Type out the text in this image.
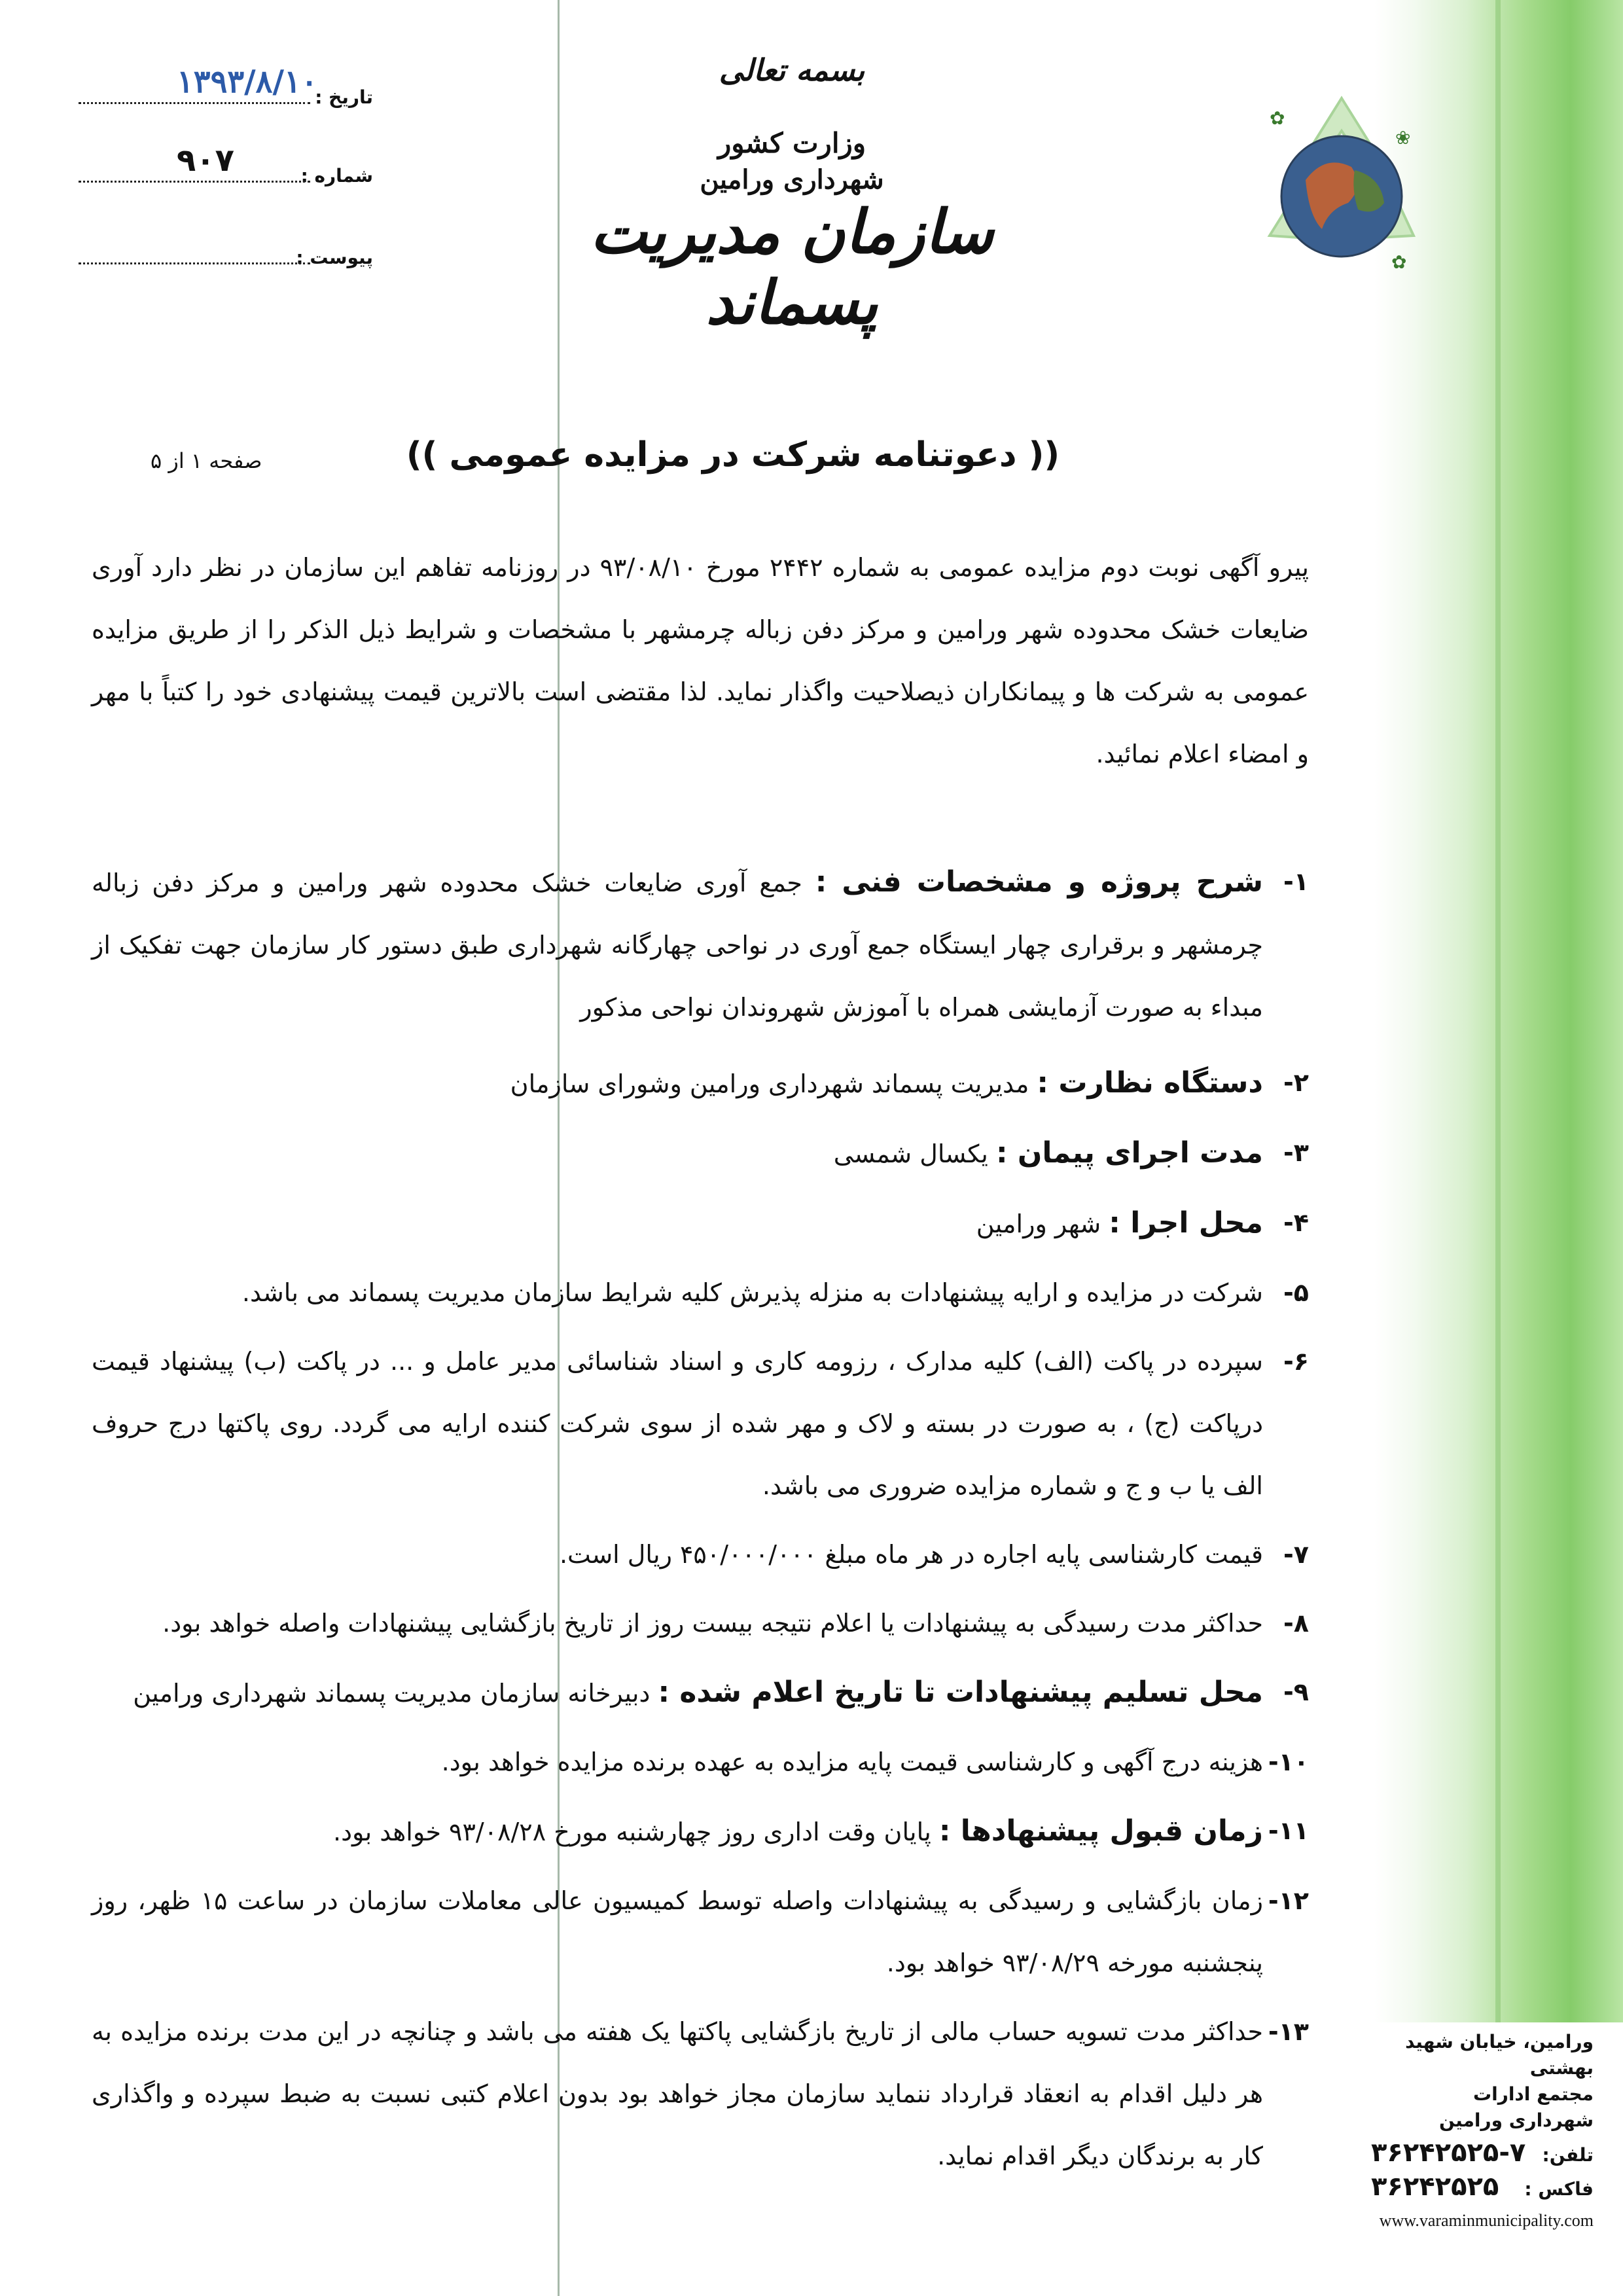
✿
❀
✿
بسمه تعالی
وزارت کشور
شهرداری ورامین
سازمان مدیریت پسماند
تاریخ :
۱۳۹۳/۸/۱۰
شماره :
۹۰۷
پیوست :
(( دعوتنامه شرکت در مزایده عمومی ))
صفحه ۱ از ۵
پیرو آگهی نوبت دوم مزایده عمومی به شماره ۲۴۴۲ مورخ ۹۳/۰۸/۱۰ در روزنامه تفاهم این سازمان در نظر دارد آوری ضایعات خشک محدوده شهر ورامین و مرکز دفن زباله چرمشهر با مشخصات و شرایط ذیل الذکر را از طریق مزایده عمومی به شرکت ها و پیمانکاران ذیصلاحیت واگذار نماید. لذا مقتضی است بالاترین قیمت پیشنهادی خود را کتباً با مهر و امضاء اعلام نمائید.
۱-
شرح پروژه و مشخصات فنی : جمع آوری ضایعات خشک محدوده شهر ورامین و مرکز دفن زباله چرمشهر و برقراری چهار ایستگاه جمع آوری در نواحی چهارگانه شهرداری طبق دستور کار سازمان جهت تفکیک از مبداء به صورت آزمایشی همراه با آموزش شهروندان نواحی مذکور
۲-
دستگاه نظارت : مدیریت پسماند شهرداری ورامین وشورای سازمان
۳-
مدت اجرای پیمان : یکسال شمسی
۴-
محل اجرا : شهر ورامین
۵-
شرکت در مزایده و ارایه پیشنهادات به منزله پذیرش کلیه شرایط سازمان مدیریت پسماند می باشد.
۶-
سپرده در پاکت (الف) کلیه مدارک ، رزومه کاری و اسناد شناسائی مدیر عامل و ... در پاکت (ب) پیشنهاد قیمت درپاکت (ج) ، به صورت در بسته و لاک و مهر شده از سوی شرکت کننده ارایه می گردد. روی پاکتها درج حروف الف یا ب و ج و شماره مزایده ضروری می باشد.
۷-
قیمت کارشناسی پایه اجاره در هر ماه مبلغ ۴۵۰/۰۰۰/۰۰۰ ریال است.
۸-
حداکثر مدت رسیدگی به پیشنهادات یا اعلام نتیجه بیست روز از تاریخ بازگشایی پیشنهادات واصله خواهد بود.
۹-
محل تسلیم پیشنهادات تا تاریخ اعلام شده : دبیرخانه سازمان مدیریت پسماند شهرداری ورامین
۱۰-
هزینه درج آگهی و کارشناسی قیمت پایه مزایده به عهده برنده مزایده خواهد بود.
۱۱-
زمان قبول پیشنهادها : پایان وقت اداری روز چهارشنبه مورخ ۹۳/۰۸/۲۸ خواهد بود.
۱۲-
زمان بازگشایی و رسیدگی به پیشنهادات واصله توسط کمیسیون عالی معاملات سازمان در ساعت ۱۵ ظهر، روز پنجشنبه مورخه ۹۳/۰۸/۲۹ خواهد بود.
۱۳-
حداکثر مدت تسویه حساب مالی از تاریخ بازگشایی پاکتها یک هفته می باشد و چنانچه در این مدت برنده مزایده به هر دلیل اقدام به انعقاد قرارداد ننماید سازمان مجاز خواهد بود بدون اعلام کتبی نسبت به ضبط سپرده و واگذاری کار به برندگان دیگر اقدام نماید.
ورامین، خیابان شهید بهشتی
مجتمع ادارات
شهرداری ورامین
تلفن:
۳۶۲۴۲۵۲۵-۷
فاکس :
۳۶۲۴۲۵۲۵
www.varaminmunicipality.com
